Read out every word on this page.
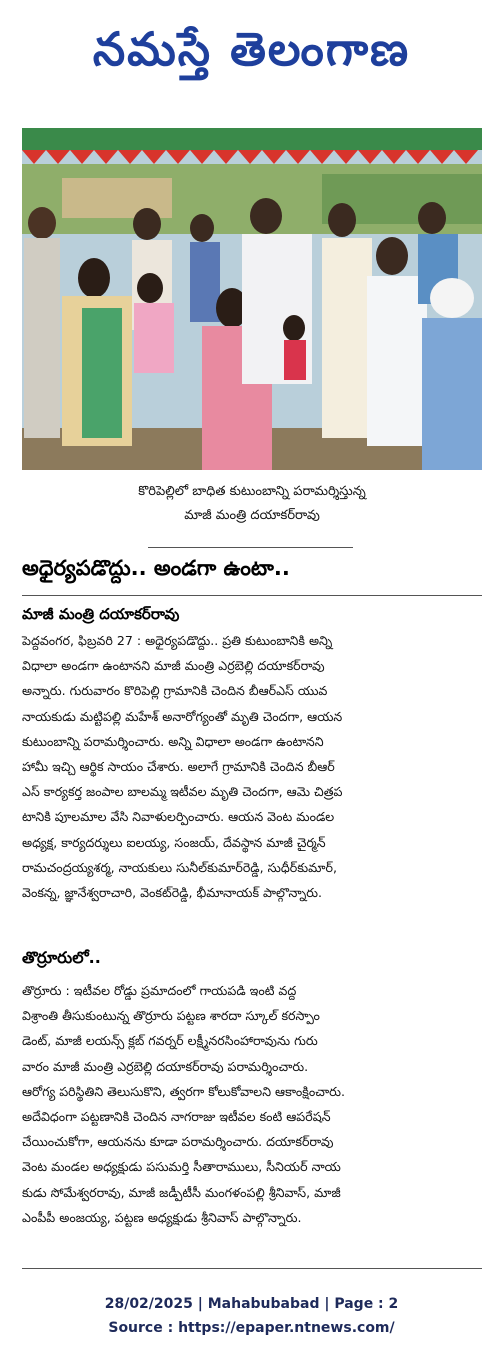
నమస్తే తెలంగాణ
కొరిపెల్లిలో బాధిత కుటుంబాన్ని పరామర్శిస్తున్న
మాజీ మంత్రి దయాకర్‌రావు
అధైర్యపడొద్దు.. అండగా ఉంటా..
మాజీ మంత్రి దయాకర్‌రావు
పెద్దవంగర, ఫిబ్రవరి 27 : అధైర్యపడొద్దు.. ప్రతి కుటుంబానికి అన్ని
విధాలా అండగా ఉంటానని మాజీ మంత్రి ఎర్రబెల్లి దయాకర్‌రావు
అన్నారు. గురువారం కొరిపెల్లి గ్రామానికి చెందిన బీఆర్‌ఎస్ యువ
నాయకుడు మట్టిపల్లి మహేశ్ అనారోగ్యంతో మృతి చెందగా, ఆయన
కుటుంబాన్ని పరామర్శించారు. అన్ని విధాలా అండగా ఉంటానని
హామీ ఇచ్చి ఆర్థిక సాయం చేశారు. అలాగే గ్రామానికి చెందిన బీఆర్
ఎస్ కార్యకర్త జంపాల బాలమ్మ ఇటీవల మృతి చెందగా, ఆమె చిత్రప
టానికి పూలమాల వేసి నివాళులర్పించారు. ఆయన వెంట మండల
అధ్యక్ష, కార్యదర్శులు ఐలయ్య, సంజయ్, దేవస్థాన మాజీ చైర్మన్
రామచంద్రయ్యశర్మ, నాయకులు సునీల్‌కుమార్‌రెడ్డి, సుధీర్‌కుమార్,
వెంకన్న, జ్ఞానేశ్వరాచారి, వెంకట్‌రెడ్డి, భీమానాయక్ పాల్గొన్నారు.
తొర్రూరులో..
తొర్రూరు : ఇటీవల రోడ్డు ప్రమాదంలో గాయపడి ఇంటి వద్ద
విశ్రాంతి తీసుకుంటున్న తొర్రూరు పట్టణ శారదా స్కూల్ కరస్పాం
డెంట్, మాజీ లయన్స్ క్లబ్ గవర్నర్ లక్ష్మీనరసింహారావును గురు
వారం మాజీ మంత్రి ఎర్రబెల్లి దయాకర్‌రావు పరామర్శించారు.
ఆరోగ్య పరిస్థితిని తెలుసుకొని, త్వరగా కోలుకోవాలని ఆకాంక్షించారు.
అదేవిధంగా పట్టణానికి చెందిన నాగరాజు ఇటీవల కంటి ఆపరేషన్
చేయించుకోగా, ఆయనను కూడా పరామర్శించారు. దయాకర్‌రావు
వెంట మండల అధ్యక్షుడు పసుమర్తి సీతారాములు, సీనియర్ నాయ
కుడు సోమేశ్వరరావు, మాజీ జడ్పీటీసీ మంగళంపల్లి శ్రీనివాస్, మాజీ
ఎంపీపీ అంజయ్య, పట్టణ అధ్యక్షుడు శ్రీనివాస్ పాల్గొన్నారు.
28/02/2025 | Mahabubabad | Page : 2
Source : https://epaper.ntnews.com/
